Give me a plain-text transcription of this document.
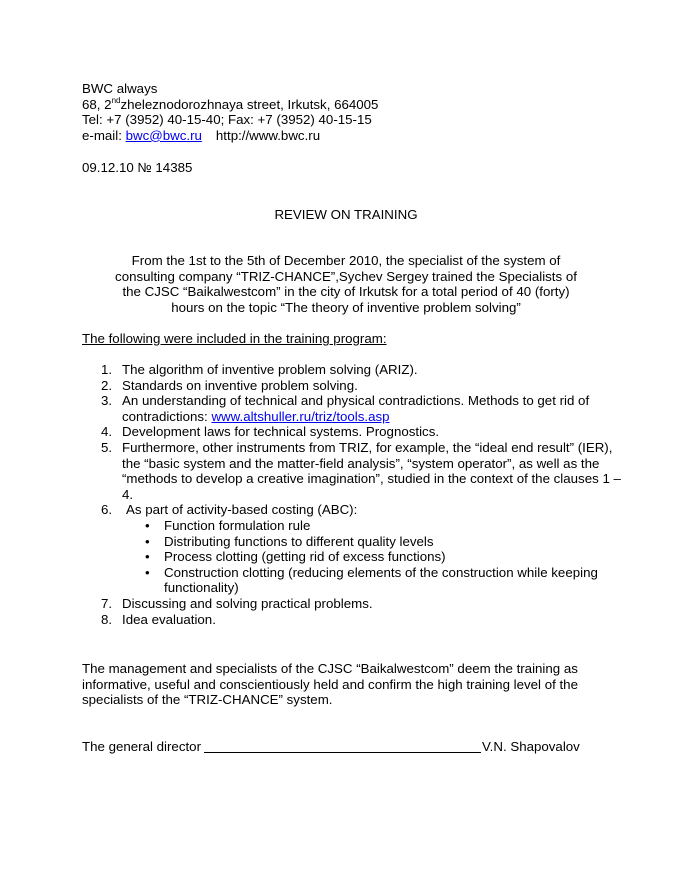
BWC always
68, 2ndzheleznodorozhnaya street, Irkutsk, 664005
Tel: +7 (3952) 40-15-40; Fax: +7 (3952) 40-15-15
e-mail: bwc@bwc.ru http://www.bwc.ru
09.12.10 № 14385
REVIEW ON TRAINING
From the 1st to the 5th of December 2010, the specialist of the system of
consulting company “TRIZ-CHANCE”,Sychev Sergey trained the Specialists of
the CJSC “Baikalwestcom” in the city of Irkutsk for a total period of 40 (forty)
hours on the topic “The theory of inventive problem solving”
The following were included in the training program:
1. The algorithm of inventive problem solving (ARIZ).
2. Standards on inventive problem solving.
3. An understanding of technical and physical contradictions. Methods to get rid of contradictions: www.altshuller.ru/triz/tools.asp
4. Development laws for technical systems. Prognostics.
5. Furthermore, other instruments from TRIZ, for example, the “ideal end result” (IER), the “basic system and the matter-field analysis”, “system operator”, as well as the “methods to develop a creative imagination”, studied in the context of the clauses 1 – 4.
6. As part of activity-based costing (ABC):
• Function formulation rule
• Distributing functions to different quality levels
• Process clotting (getting rid of excess functions)
• Construction clotting (reducing elements of the construction while keeping functionality)
7. Discussing and solving practical problems.
8. Idea evaluation.
The management and specialists of the CJSC “Baikalwestcom” deem the training as informative, useful and conscientiously held and confirm the high training level of the specialists of the “TRIZ-CHANCE” system.
The general director	V.N. Shapovalov
